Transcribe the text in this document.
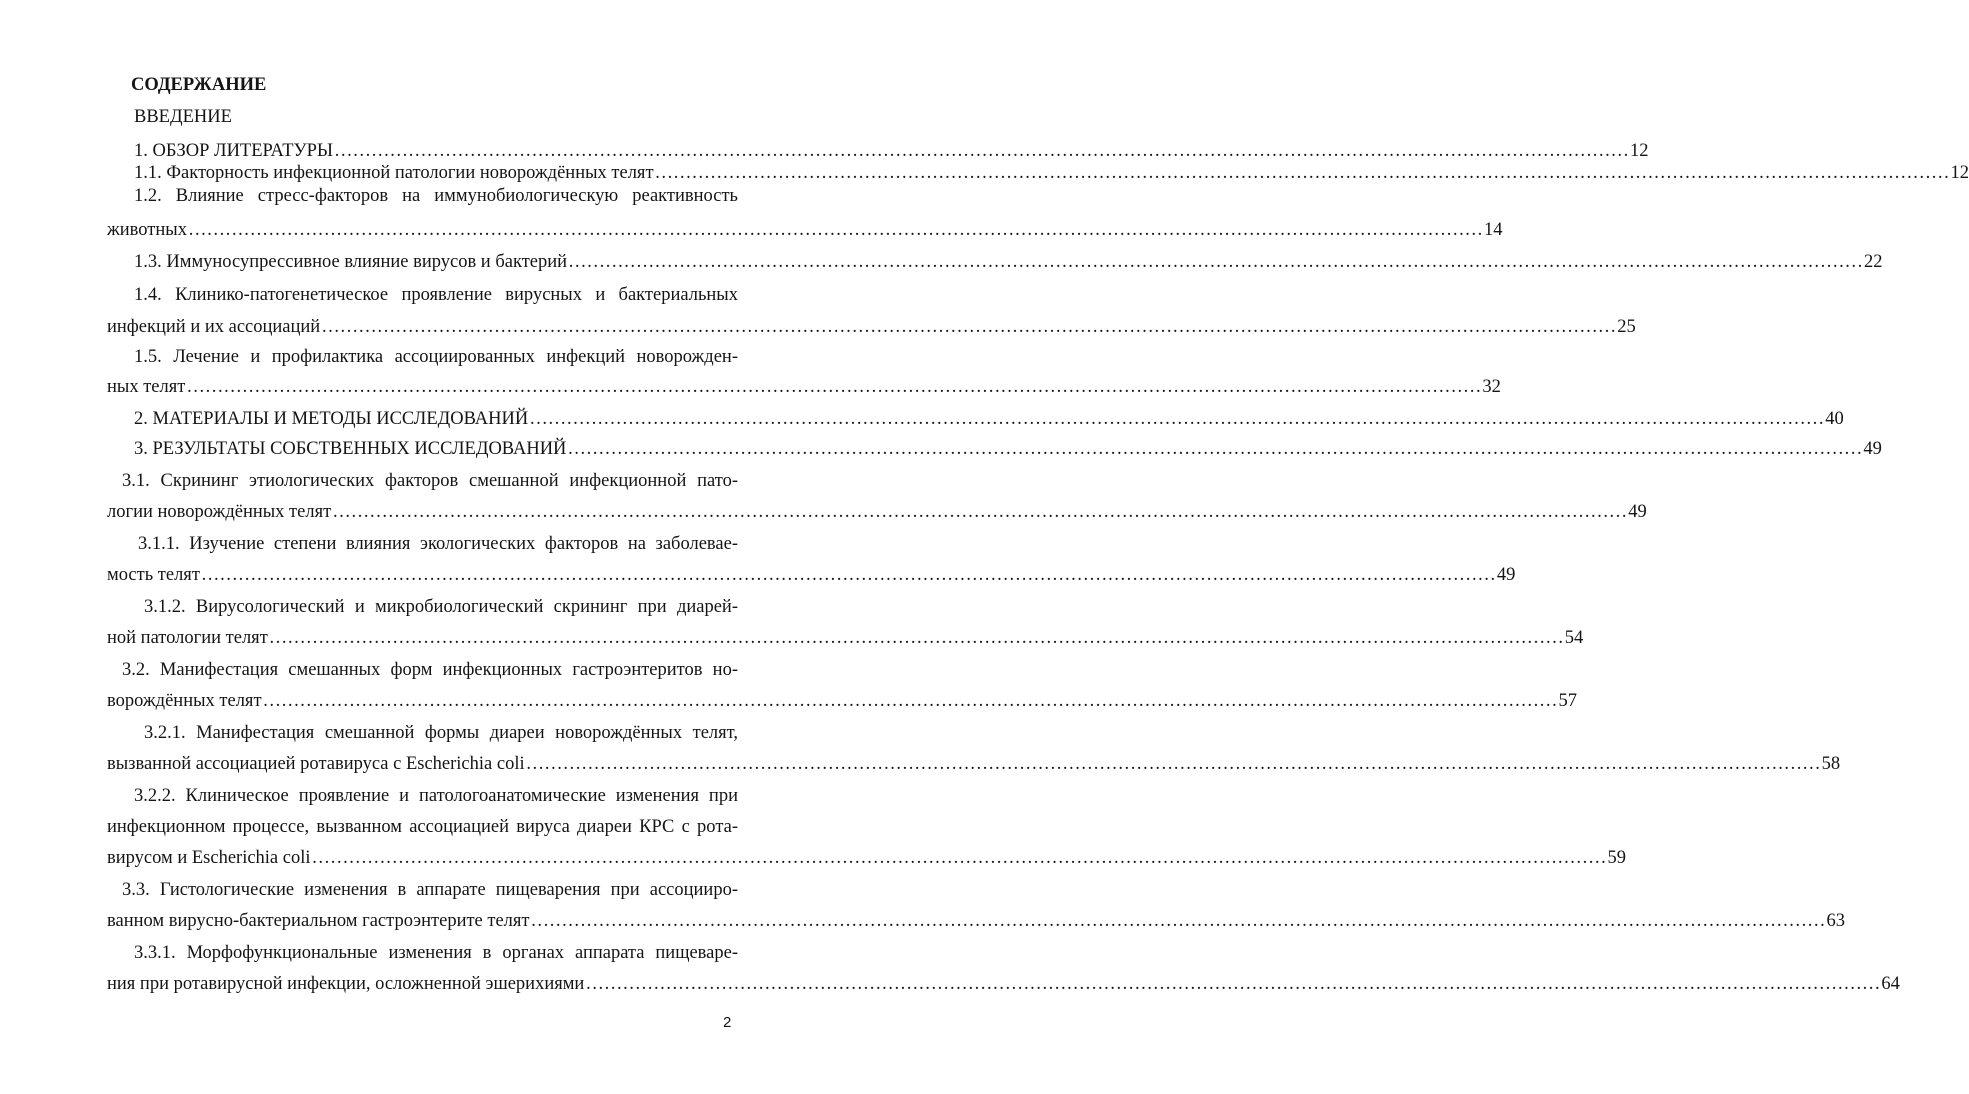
СОДЕРЖАНИЕ
ВВЕДЕНИЕ
1. ОБЗОР ЛИТЕРАТУРЫ ………………………………………………………………………………………………………………………………………………………………………………………… 12
1.1. Факторность инфекционной патологии новорождённых телят ………………………………………………………………………………………………………………………………………………………………………………………… 12
1.2. Влияние стресс-факторов на иммунобиологическую реактивность
животных ………………………………………………………………………………………………………………………………………………………………………………………… 14
1.3. Иммуносупрессивное влияние вирусов и бактерий ………………………………………………………………………………………………………………………………………………………………………………………… 22
1.4. Клинико-патогенетическое проявление вирусных и бактериальных
инфекций и их ассоциаций ………………………………………………………………………………………………………………………………………………………………………………………… 25
1.5. Лечение и профилактика ассоциированных инфекций новорожден-
ных телят ………………………………………………………………………………………………………………………………………………………………………………………… 32
2. МАТЕРИАЛЫ И МЕТОДЫ ИССЛЕДОВАНИЙ ………………………………………………………………………………………………………………………………………………………………………………………… 40
3. РЕЗУЛЬТАТЫ СОБСТВЕННЫХ ИССЛЕДОВАНИЙ ………………………………………………………………………………………………………………………………………………………………………………………… 49
3.1. Скрининг этиологических факторов смешанной инфекционной пато-
логии новорождённых телят ………………………………………………………………………………………………………………………………………………………………………………………… 49
3.1.1. Изучение степени влияния экологических факторов на заболевае-
мость телят ………………………………………………………………………………………………………………………………………………………………………………………… 49
3.1.2. Вирусологический и микробиологический скрининг при диарей-
ной патологии телят ………………………………………………………………………………………………………………………………………………………………………………………… 54
3.2. Манифестация смешанных форм инфекционных гастроэнтеритов но-
ворождённых телят ………………………………………………………………………………………………………………………………………………………………………………………… 57
3.2.1. Манифестация смешанной формы диареи новорождённых телят,
вызванной ассоциацией ротавируса с Escherichia coli ………………………………………………………………………………………………………………………………………………………………………………………… 58
3.2.2. Клиническое проявление и патологоанатомические изменения при
инфекционном процессе, вызванном ассоциацией вируса диареи КРС с рота-
вирусом и Escherichia coli ………………………………………………………………………………………………………………………………………………………………………………………… 59
3.3. Гистологические изменения в аппарате пищеварения при ассоцииро-
ванном вирусно-бактериальном гастроэнтерите телят ………………………………………………………………………………………………………………………………………………………………………………………… 63
3.3.1. Морфофункциональные изменения в органах аппарата пищеваре-
ния при ротавирусной инфекции, осложненной эшерихиями ………………………………………………………………………………………………………………………………………………………………………………………… 64
2
